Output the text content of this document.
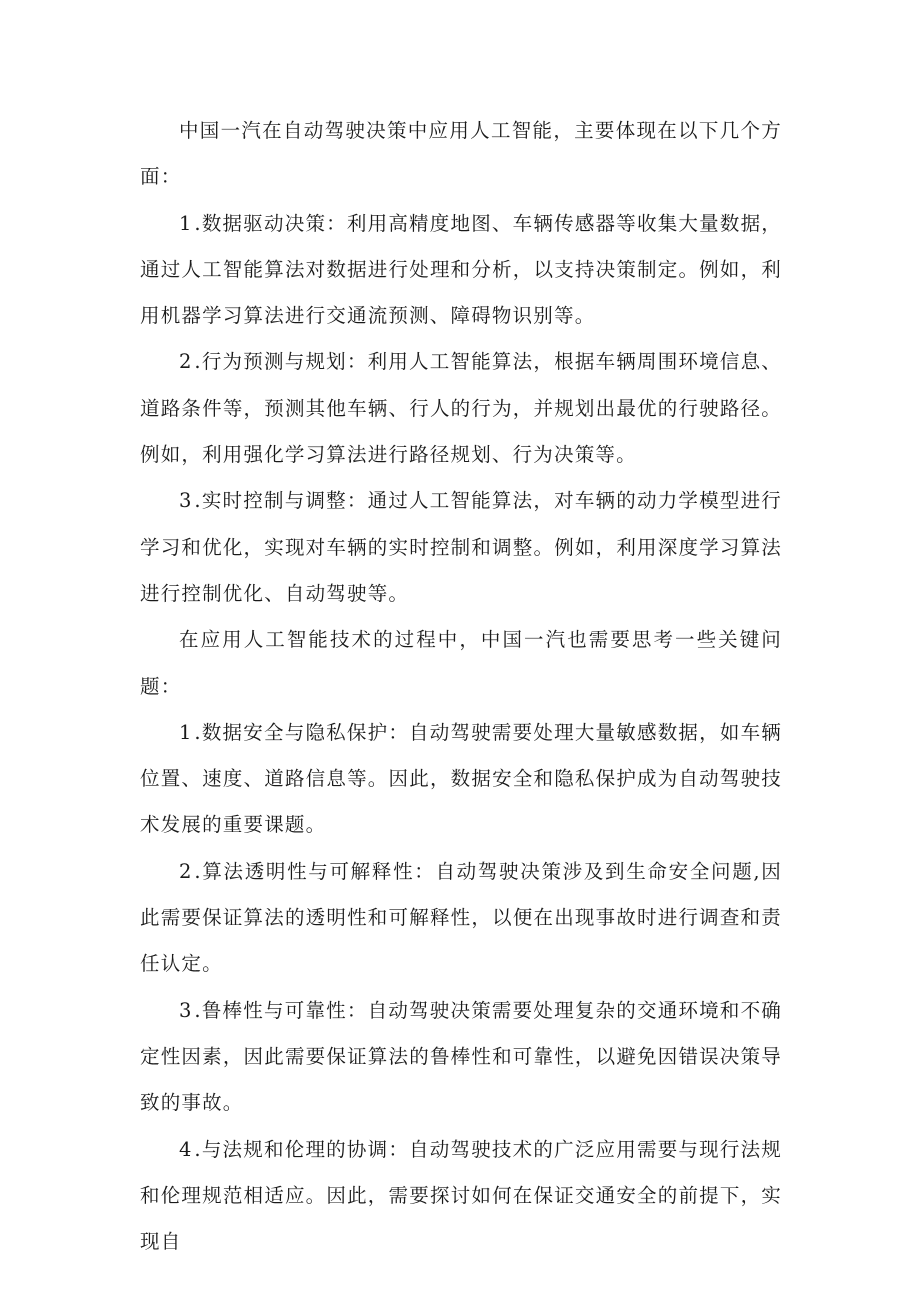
中国一汽在自动驾驶决策中应用人工智能，主要体现在以下几个方面：

1.数据驱动决策：利用高精度地图、车辆传感器等收集大量数据，通过人工智能算法对数据进行处理和分析，以支持决策制定。例如，利用机器学习算法进行交通流预测、障碍物识别等。

2.行为预测与规划：利用人工智能算法，根据车辆周围环境信息、道路条件等，预测其他车辆、行人的行为，并规划出最优的行驶路径。例如，利用强化学习算法进行路径规划、行为决策等。

3.实时控制与调整：通过人工智能算法，对车辆的动力学模型进行学习和优化，实现对车辆的实时控制和调整。例如，利用深度学习算法进行控制优化、自动驾驶等。

在应用人工智能技术的过程中，中国一汽也需要思考一些关键问题：

1.数据安全与隐私保护：自动驾驶需要处理大量敏感数据，如车辆位置、速度、道路信息等。因此，数据安全和隐私保护成为自动驾驶技术发展的重要课题。

2.算法透明性与可解释性：自动驾驶决策涉及到生命安全问题,因此需要保证算法的透明性和可解释性，以便在出现事故时进行调查和责任认定。

3.鲁棒性与可靠性：自动驾驶决策需要处理复杂的交通环境和不确定性因素，因此需要保证算法的鲁棒性和可靠性，以避免因错误决策导致的事故。

4.与法规和伦理的协调：自动驾驶技术的广泛应用需要与现行法规和伦理规范相适应。因此，需要探讨如何在保证交通安全的前提下，实现自
